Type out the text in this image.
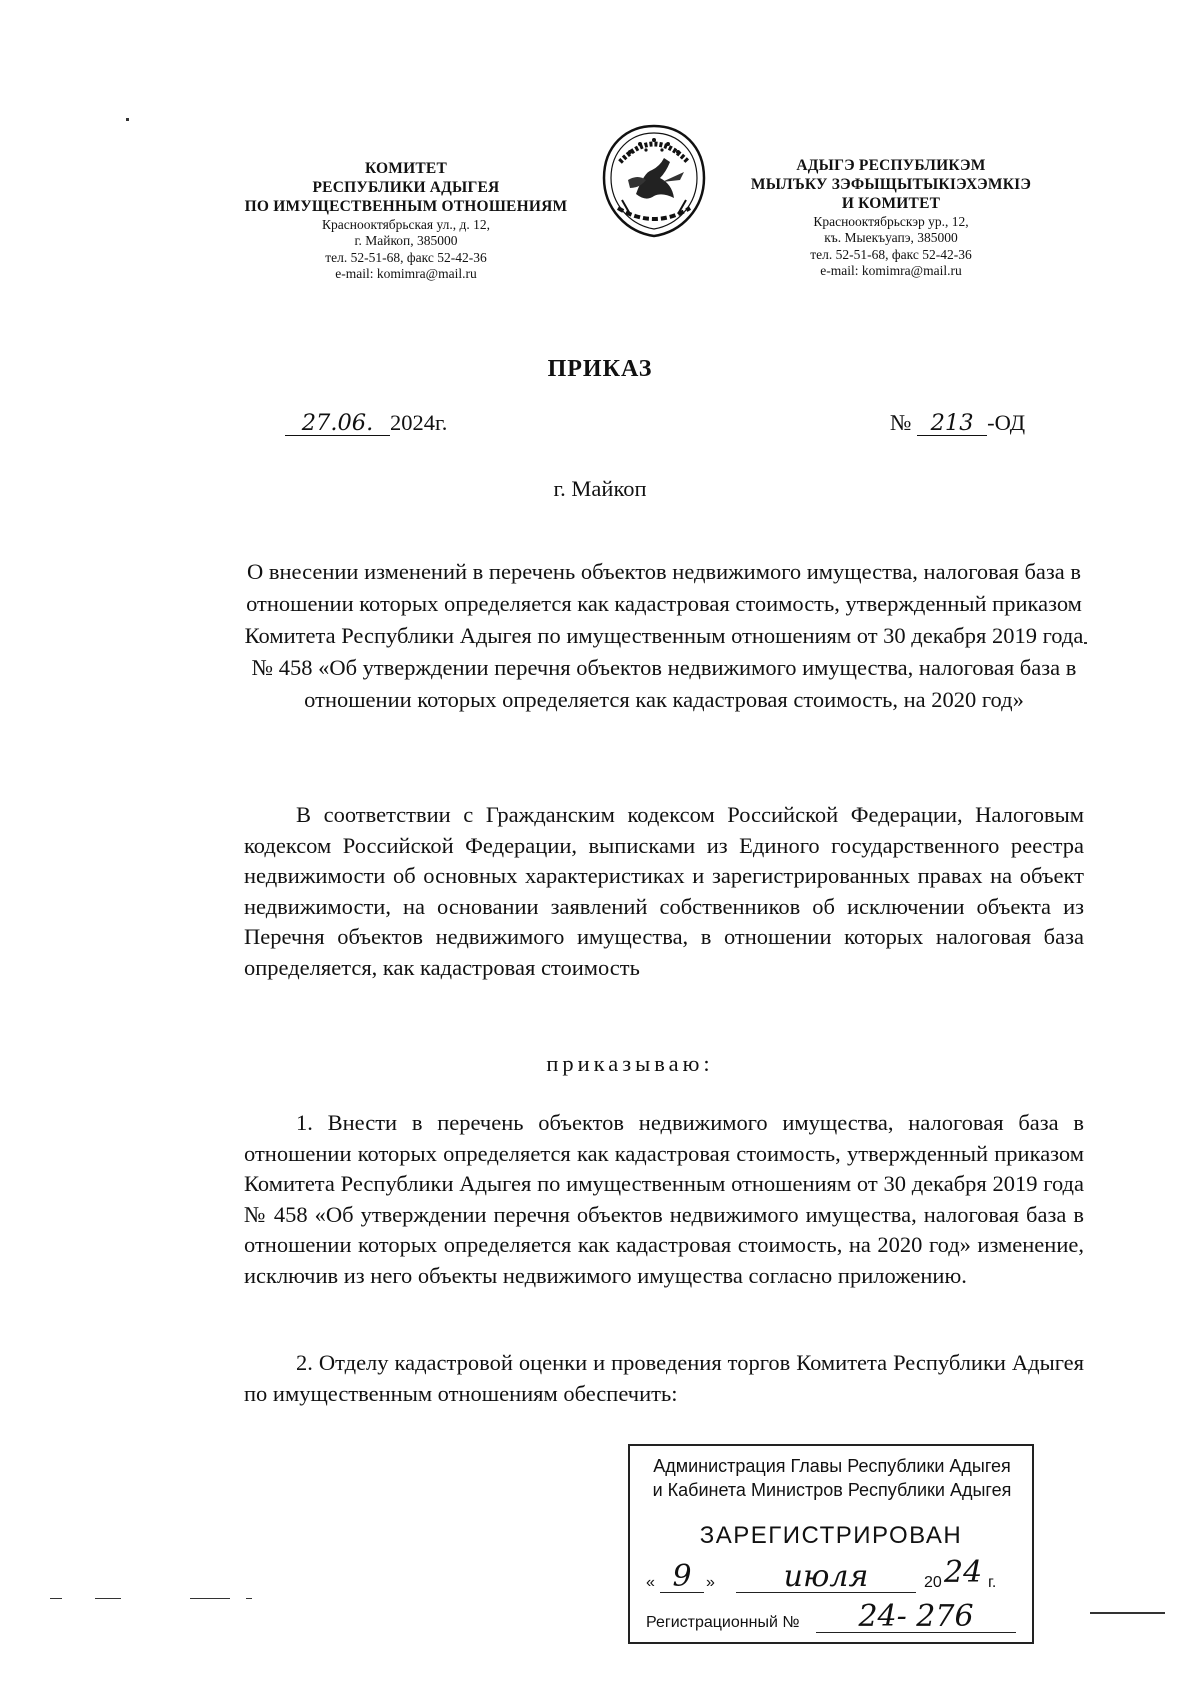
КОМИТЕТ
РЕСПУБЛИКИ АДЫГЕЯ
ПО ИМУЩЕСТВЕННЫМ ОТНОШЕНИЯМ
Краснооктябрьская ул., д. 12,
г. Майкоп, 385000
тел. 52-51-68, факс 52-42-36
e-mail: komimra@mail.ru
АДЫГЭ РЕСПУБЛИКЭМ
МЫЛЪКУ ЗЭФЫЩЫТЫКIЭХЭМКIЭ
И КОМИТЕТ
Краснооктябрьскэр ур., 12,
къ. Мыекъуапэ, 385000
тел. 52-51-68, факс 52-42-36
e-mail: komimra@mail.ru
ПРИКАЗ
27.06. 2024г.	№ 213 -ОД
г. Майкоп
О внесении изменений в перечень объектов недвижимого имущества, налоговая база в отношении которых определяется как кадастровая стоимость, утвержденный приказом Комитета Республики Адыгея по имущественным отношениям от 30 декабря 2019 года № 458 «Об утверждении перечня объектов недвижимого имущества, налоговая база в отношении которых определяется как кадастровая стоимость, на 2020 год»

В соответствии с Гражданским кодексом Российской Федерации, Налоговым кодексом Российской Федерации, выписками из Единого государственного реестра недвижимости об основных характеристиках и зарегистрированных правах на объект недвижимости, на основании заявлений собственников об исключении объекта из Перечня объектов недвижимого имущества, в отношении которых налоговая база определяется, как кадастровая стоимость

приказываю:

1. Внести в перечень объектов недвижимого имущества, налоговая база в отношении которых определяется как кадастровая стоимость, утвержденный приказом Комитета Республики Адыгея по имущественным отношениям от 30 декабря 2019 года № 458 «Об утверждении перечня объектов недвижимого имущества, налоговая база в отношении которых определяется как кадастровая стоимость, на 2020 год» изменение, исключив из него объекты недвижимого имущества согласно приложению.

2. Отделу кадастровой оценки и проведения торгов Комитета Республики Адыгея по имущественным отношениям обеспечить:

Администрация Главы Республики Адыгея
и Кабинета Министров Республики Адыгея
ЗАРЕГИСТРИРОВАН
« 9 »	июля	20 24 г.
Регистрационный №	24- 276
